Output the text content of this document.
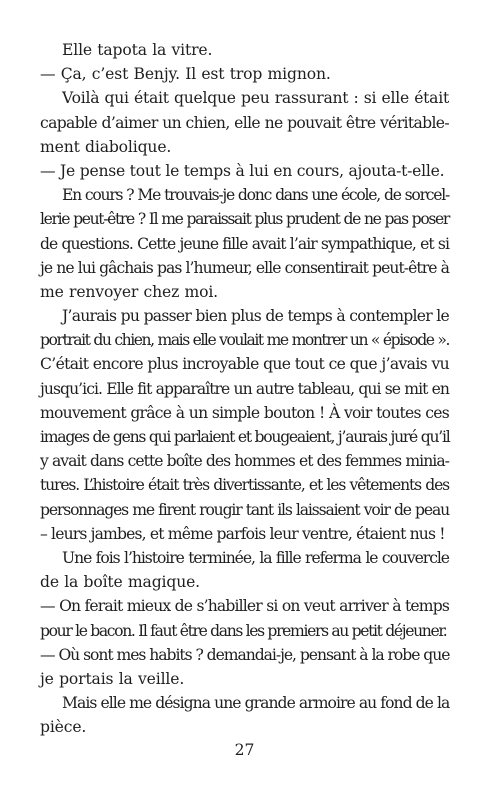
Elle tapota la vitre.

— Ça, c’est Benjy. Il est trop mignon.

Voilà qui était quelque peu rassurant : si elle était
capable d’aimer un chien, elle ne pouvait être véritable-
ment diabolique.

— Je pense tout le temps à lui en cours, ajouta-t-elle.

En cours ? Me trouvais-je donc dans une école, de sorcel-
lerie peut-être ? Il me paraissait plus prudent de ne pas poser
de questions. Cette jeune fille avait l’air sympathique, et si
je ne lui gâchais pas l’humeur, elle consentirait peut-être à
me renvoyer chez moi.

J’aurais pu passer bien plus de temps à contempler le
portrait du chien, mais elle voulait me montrer un « épisode ».
C’était encore plus incroyable que tout ce que j’avais vu
jusqu’ici. Elle fit apparaître un autre tableau, qui se mit en
mouvement grâce à un simple bouton ! À voir toutes ces
images de gens qui parlaient et bougeaient, j’aurais juré qu’il
y avait dans cette boîte des hommes et des femmes minia-
tures. L’histoire était très divertissante, et les vêtements des
personnages me firent rougir tant ils laissaient voir de peau
– leurs jambes, et même parfois leur ventre, étaient nus !

Une fois l’histoire terminée, la fille referma le couvercle
de la boîte magique.

— On ferait mieux de s’habiller si on veut arriver à temps
pour le bacon. Il faut être dans les premiers au petit déjeuner.

— Où sont mes habits ? demandai-je, pensant à la robe que
je portais la veille.

Mais elle me désigna une grande armoire au fond de la
pièce.

27
